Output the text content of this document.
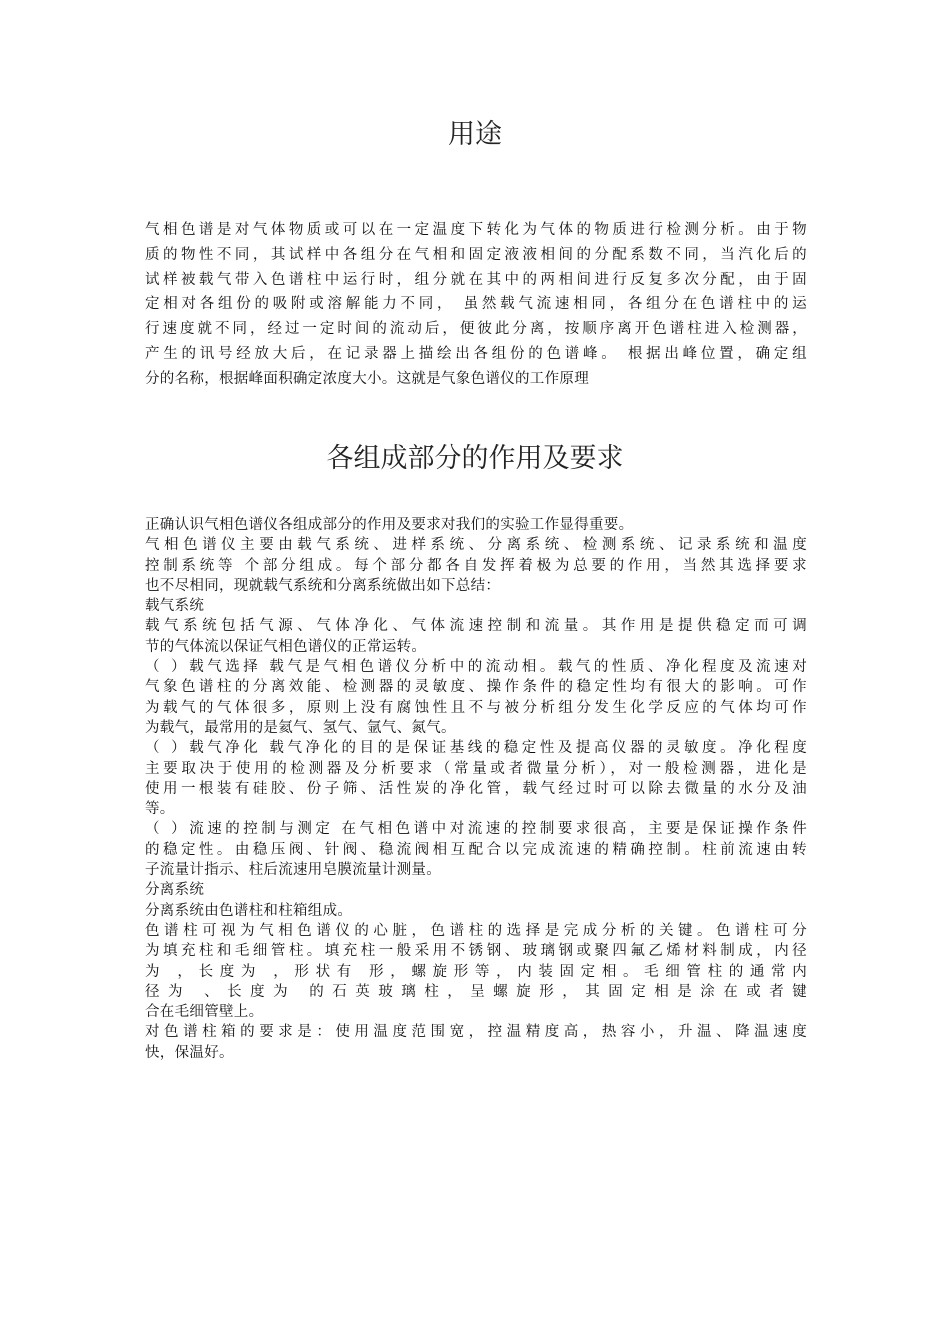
用途
气相色谱是对气体物质或可以在一定温度下转化为气体的物质进行检测分析。由于物
质的物性不同，其试样中各组分在气相和固定液液相间的分配系数不同，当汽化后的
试样被载气带入色谱柱中运行时，组分就在其中的两相间进行反复多次分配，由于固
定相对各组份的吸附或溶解能力不同， 虽然载气流速相同，各组分在色谱柱中的运
行速度就不同，经过一定时间的流动后，便彼此分离，按顺序离开色谱柱进入检测器，
产生的讯号经放大后，在记录器上描绘出各组份的色谱峰。 根据出峰位置，确定组
分的名称，根据峰面积确定浓度大小。这就是气象色谱仪的工作原理
各组成部分的作用及要求
正确认识气相色谱仪各组成部分的作用及要求对我们的实验工作显得重要。
气相色谱仪主要由载气系统、进样系统、分离系统、检测系统、记录系统和温度
控制系统等 个部分组成。每个部分都各自发挥着极为总要的作用，当然其选择要求
也不尽相同，现就载气系统和分离系统做出如下总结：
载气系统
载气系统包括气源、气体净化、气体流速控制和流量。其作用是提供稳定而可调
节的气体流以保证气相色谱仪的正常运转。
（ ）载气选择 载气是气相色谱仪分析中的流动相。载气的性质、净化程度及流速对
气象色谱柱的分离效能、检测器的灵敏度、操作条件的稳定性均有很大的影响。可作
为载气的气体很多，原则上没有腐蚀性且不与被分析组分发生化学反应的气体均可作
为载气，最常用的是氦气、氢气、氩气、氮气。
（ ）载气净化 载气净化的目的是保证基线的稳定性及提高仪器的灵敏度。净化程度
主要取决于使用的检测器及分析要求（常量或者微量分析），对一般检测器，进化是
使用一根装有硅胶、份子筛、活性炭的净化管，载气经过时可以除去微量的水分及油
等。
（ ）流速的控制与测定 在气相色谱中对流速的控制要求很高，主要是保证操作条件
的稳定性。由稳压阀、针阀、稳流阀相互配合以完成流速的精确控制。柱前流速由转
子流量计指示、柱后流速用皂膜流量计测量。
分离系统
分离系统由色谱柱和柱箱组成。
色谱柱可视为气相色谱仪的心脏，色谱柱的选择是完成分析的关键。色谱柱可分
为填充柱和毛细管柱。填充柱一般采用不锈钢、玻璃钢或聚四氟乙烯材料制成，内径
为 ，长度为 ，形状有 形，螺旋形等，内装固定相。毛细管柱的通常内
径为 、长度为 的石英玻璃柱，呈螺旋形，其固定相是涂在或者键
合在毛细管壁上。
对色谱柱箱的要求是：使用温度范围宽，控温精度高，热容小，升温、降温速度
快，保温好。
